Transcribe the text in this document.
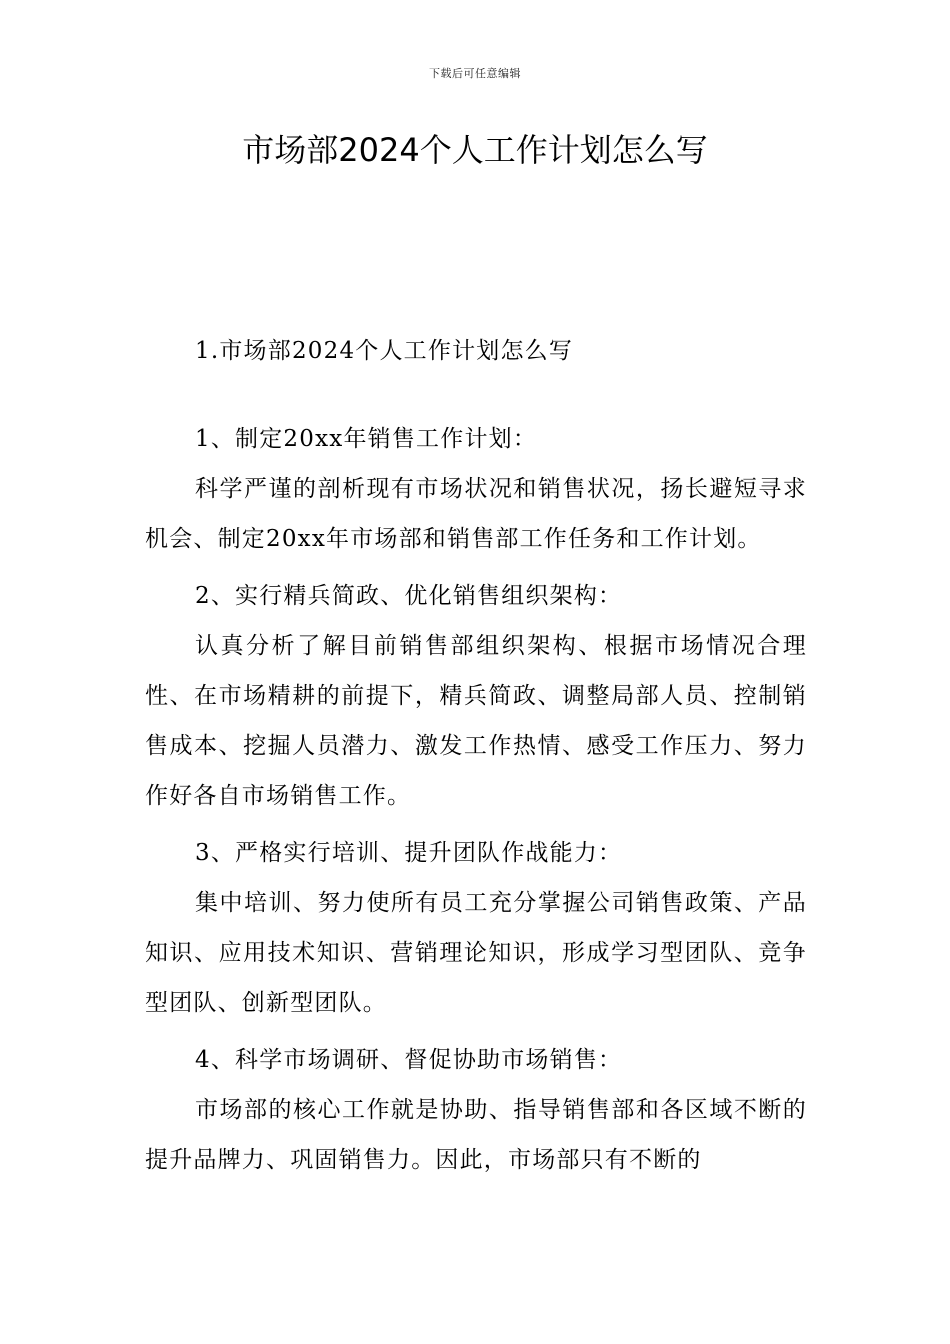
下载后可任意编辑
市场部2024个人工作计划怎么写

1.市场部2024个人工作计划怎么写

1、制定20xx年销售工作计划：

科学严谨的剖析现有市场状况和销售状况，扬长避短寻求机会、制定20xx年市场部和销售部工作任务和工作计划。

2、实行精兵简政、优化销售组织架构：

认真分析了解目前销售部组织架构、根据市场情况合理性、在市场精耕的前提下，精兵简政、调整局部人员、控制销售成本、挖掘人员潜力、激发工作热情、感受工作压力、努力作好各自市场销售工作。

3、严格实行培训、提升团队作战能力：

集中培训、努力使所有员工充分掌握公司销售政策、产品知识、应用技术知识、营销理论知识，形成学习型团队、竞争型团队、创新型团队。

4、科学市场调研、督促协助市场销售：

市场部的核心工作就是协助、指导销售部和各区域不断的提升品牌力、巩固销售力。因此，市场部只有不断的
